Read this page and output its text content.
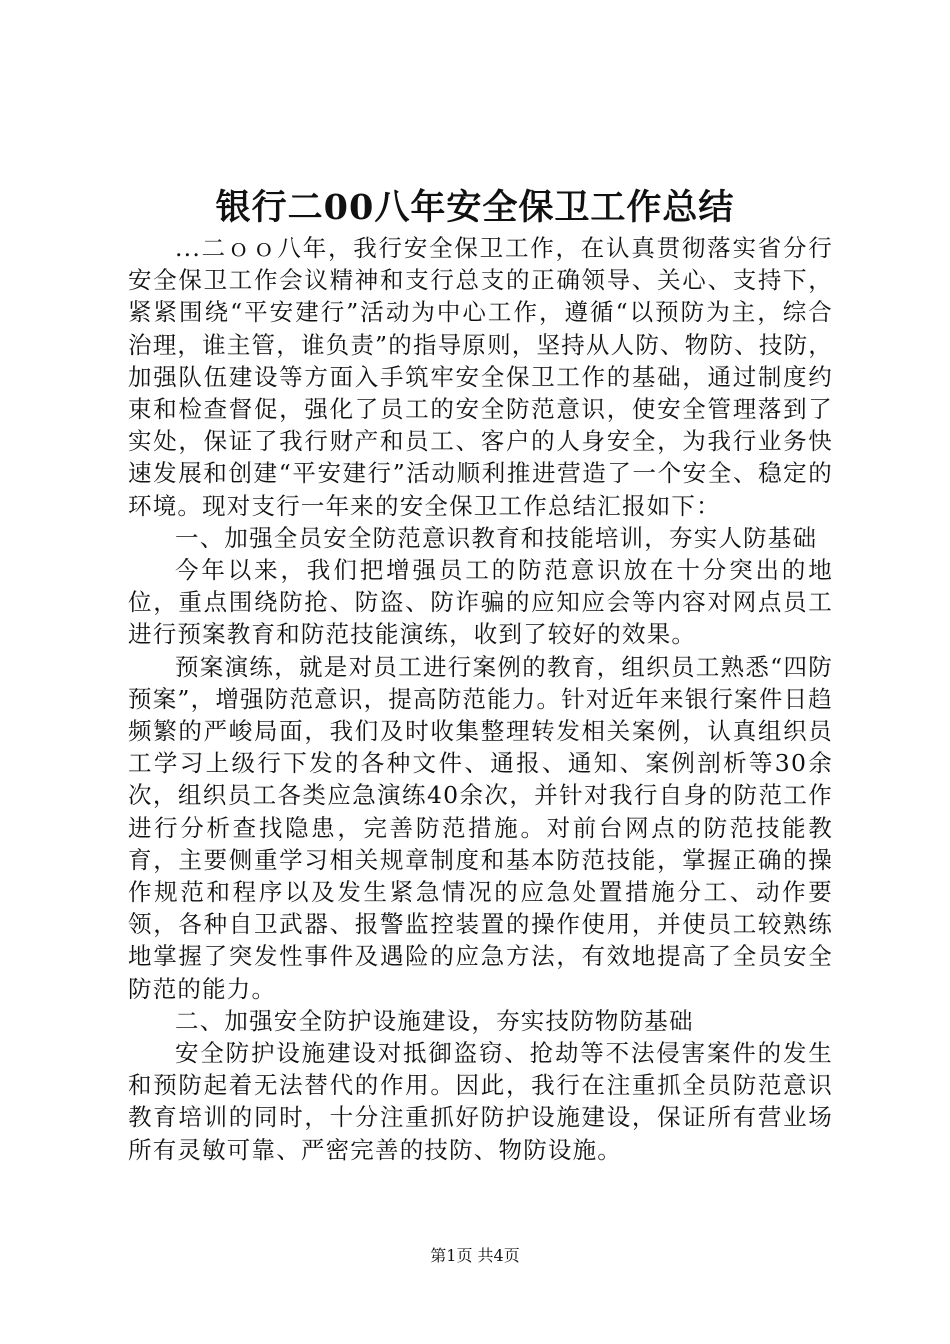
银行二00八年安全保卫工作总结

...二ｏｏ八年，我行安全保卫工作，在认真贯彻落实省分行安全保卫工作会议精神和支行总支的正确领导、关心、支持下，紧紧围绕“平安建行”活动为中心工作，遵循“以预防为主，综合治理，谁主管，谁负责”的指导原则，坚持从人防、物防、技防，加强队伍建设等方面入手筑牢安全保卫工作的基础，通过制度约束和检查督促，强化了员工的安全防范意识，使安全管理落到了实处，保证了我行财产和员工、客户的人身安全，为我行业务快速发展和创建“平安建行”活动顺利推进营造了一个安全、稳定的环境。现对支行一年来的安全保卫工作总结汇报如下：

一、加强全员安全防范意识教育和技能培训，夯实人防基础

今年以来，我们把增强员工的防范意识放在十分突出的地位，重点围绕防抢、防盗、防诈骗的应知应会等内容对网点员工进行预案教育和防范技能演练，收到了较好的效果。

预案演练，就是对员工进行案例的教育，组织员工熟悉“四防预案”，增强防范意识，提高防范能力。针对近年来银行案件日趋频繁的严峻局面，我们及时收集整理转发相关案例，认真组织员工学习上级行下发的各种文件、通报、通知、案例剖析等30余次，组织员工各类应急演练40余次，并针对我行自身的防范工作进行分析查找隐患，完善防范措施。对前台网点的防范技能教育，主要侧重学习相关规章制度和基本防范技能，掌握正确的操作规范和程序以及发生紧急情况的应急处置措施分工、动作要领，各种自卫武器、报警监控装置的操作使用，并使员工较熟练地掌握了突发性事件及遇险的应急方法，有效地提高了全员安全防范的能力。

二、加强安全防护设施建设，夯实技防物防基础

安全防护设施建设对抵御盗窃、抢劫等不法侵害案件的发生和预防起着无法替代的作用。因此，我行在注重抓全员防范意识教育培训的同时，十分注重抓好防护设施建设，保证所有营业场所有灵敏可靠、严密完善的技防、物防设施。

第1页 共4页
